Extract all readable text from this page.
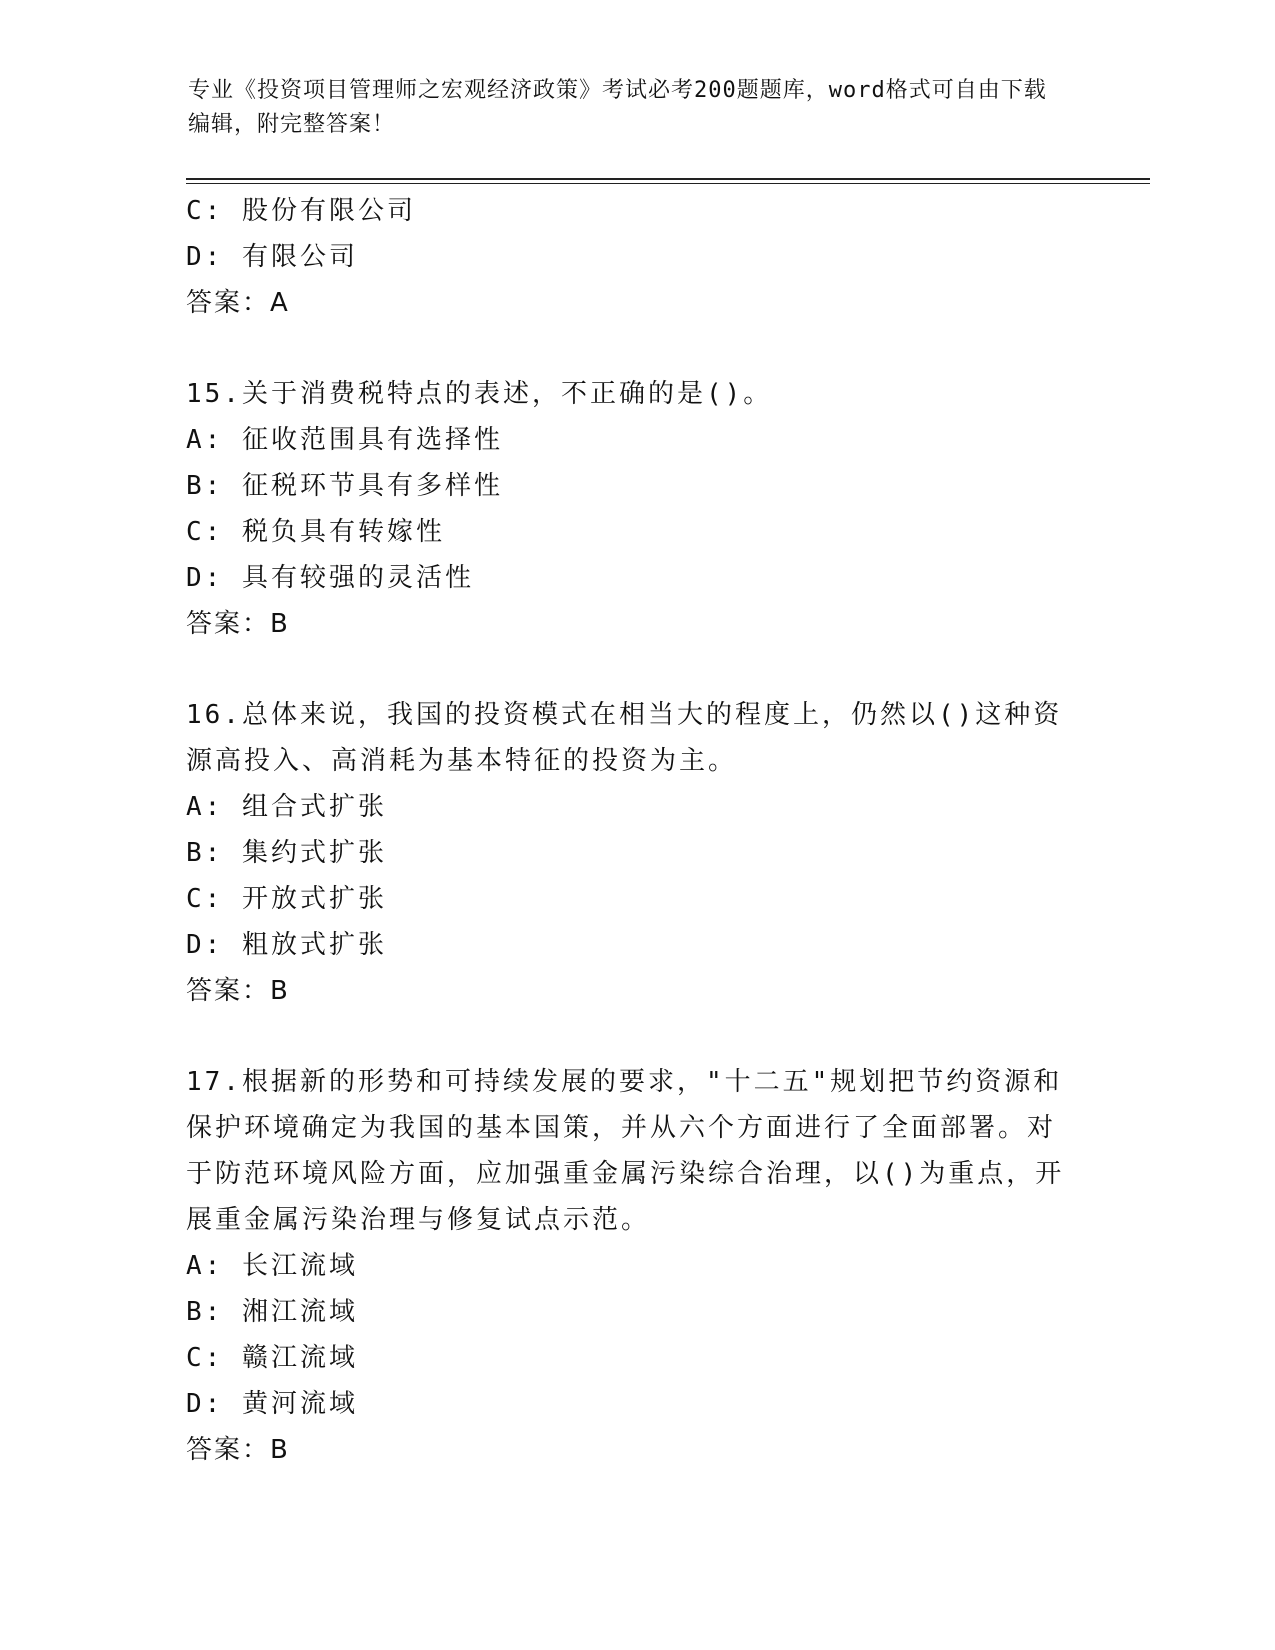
专业《投资项目管理师之宏观经济政策》考试必考200题题库，word格式可自由下载编辑，附完整答案！
C: 股份有限公司
D: 有限公司
答案：A
15.关于消费税特点的表述，不正确的是()。
A: 征收范围具有选择性
B: 征税环节具有多样性
C: 税负具有转嫁性
D: 具有较强的灵活性
答案：B
16.总体来说，我国的投资模式在相当大的程度上，仍然以()这种资源高投入、高消耗为基本特征的投资为主。
A: 组合式扩张
B: 集约式扩张
C: 开放式扩张
D: 粗放式扩张
答案：B
17.根据新的形势和可持续发展的要求，"十二五"规划把节约资源和保护环境确定为我国的基本国策，并从六个方面进行了全面部署。对于防范环境风险方面，应加强重金属污染综合治理，以()为重点，开展重金属污染治理与修复试点示范。
A: 长江流域
B: 湘江流域
C: 赣江流域
D: 黄河流域
答案：B
